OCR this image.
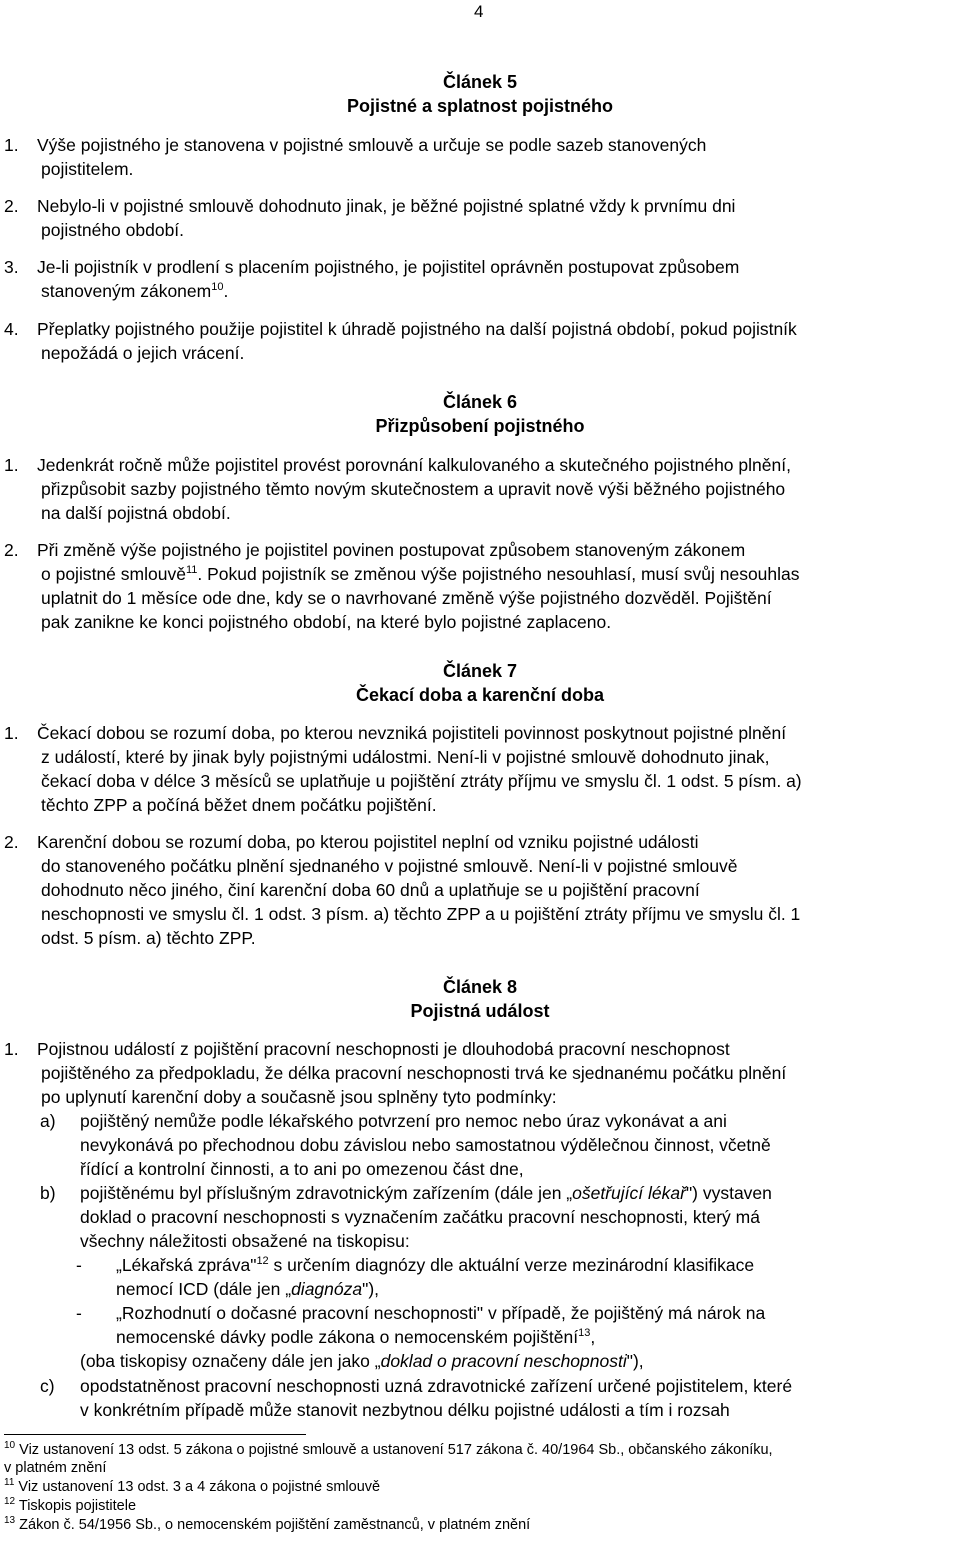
4
Článek 5
Pojistné a splatnost pojistného
1. Výše pojistného je stanovena v pojistné smlouvě a určuje se podle sazeb stanovených
pojistitelem.
2. Nebylo-li v pojistné smlouvě dohodnuto jinak, je běžné pojistné splatné vždy k prvnímu dni
pojistného období.
3. Je-li pojistník v prodlení s placením pojistného, je pojistitel oprávněn postupovat způsobem
stanoveným zákonem$^{10}$.
4. Přeplatky pojistného použije pojistitel k úhradě pojistného na další pojistná období, pokud pojistník
nepožádá o jejich vrácení.
Článek 6
Přizpůsobení pojistného
1. Jedenkrát ročně může pojistitel provést porovnání kalkulovaného a skutečného pojistného plnění,
přizpůsobit sazby pojistného těmto novým skutečnostem a upravit nově výši běžného pojistného
na další pojistná období.
2. Při změně výše pojistného je pojistitel povinen postupovat způsobem stanoveným zákonem
o pojistné smlouvě$^{11}$. Pokud pojistník se změnou výše pojistného nesouhlasí, musí svůj nesouhlas
uplatnit do 1 měsíce ode dne, kdy se o navrhované změně výše pojistného dozvěděl. Pojištění
pak zanikne ke konci pojistného období, na které bylo pojistné zaplaceno.
Článek 7
Čekací doba a karenční doba
1. Čekací dobou se rozumí doba, po kterou nevzniká pojistiteli povinnost poskytnout pojistné plnění
z událostí, které by jinak byly pojistnými událostmi. Není-li v pojistné smlouvě dohodnuto jinak,
čekací doba v délce 3 měsíců se uplatňuje u pojištění ztráty příjmu ve smyslu čl. 1 odst. 5 písm. a)
těchto ZPP a počíná běžet dnem počátku pojištění.
2. Karenční dobou se rozumí doba, po kterou pojistitel neplní od vzniku pojistné události
do stanoveného počátku plnění sjednaného v pojistné smlouvě. Není-li v pojistné smlouvě
dohodnuto něco jiného, činí karenční doba 60 dnů a uplatňuje se u pojištění pracovní
neschopnosti ve smyslu čl. 1 odst. 3 písm. a) těchto ZPP a u pojištění ztráty příjmu ve smyslu čl. 1
odst. 5 písm. a) těchto ZPP.
Článek 8
Pojistná událost
1. Pojistnou událostí z pojištění pracovní neschopnosti je dlouhodobá pracovní neschopnost
pojištěného za předpokladu, že délka pracovní neschopnosti trvá ke sjednanému počátku plnění
po uplynutí karenční doby a současně jsou splněny tyto podmínky:
a)	pojištěný nemůže podle lékařského potvrzení pro nemoc nebo úraz vykonávat a ani
nevykonává po přechodnou dobu závislou nebo samostatnou výdělečnou činnost, včetně
řídící a kontrolní činnosti, a to ani po omezenou část dne,
b)	pojištěnému byl příslušným zdravotnickým zařízením (dále jen „ošetřující lékař") vystaven
doklad o pracovní neschopnosti s vyznačením začátku pracovní neschopnosti, který má
všechny náležitosti obsažené na tiskopisu:
- „Lékařská zpráva"$^{12}$ s určením diagnózy dle aktuální verze mezinárodní klasifikace
nemocí ICD (dále jen „diagnóza"),
- „Rozhodnutí o dočasné pracovní neschopnosti" v případě, že pojištěný má nárok na
nemocenské dávky podle zákona o nemocenském pojištění$^{13}$,
(oba tiskopisy označeny dále jen jako „doklad o pracovní neschopnosti"),
c)	opodstatněnost pracovní neschopnosti uzná zdravotnické zařízení určené pojistitelem, které
v konkrétním případě může stanovit nezbytnou délku pojistné události a tím i rozsah
$^{10}$ Viz ustanovení 13 odst. 5 zákona o pojistné smlouvě a ustanovení 517 zákona č. 40/1964 Sb., občanského zákoníku,
v platném znění
$^{11}$ Viz ustanovení 13 odst. 3 a 4 zákona o pojistné smlouvě
$^{12}$ Tiskopis pojistitele
$^{13}$ Zákon č. 54/1956 Sb., o nemocenském pojištění zaměstnanců, v platném znění
